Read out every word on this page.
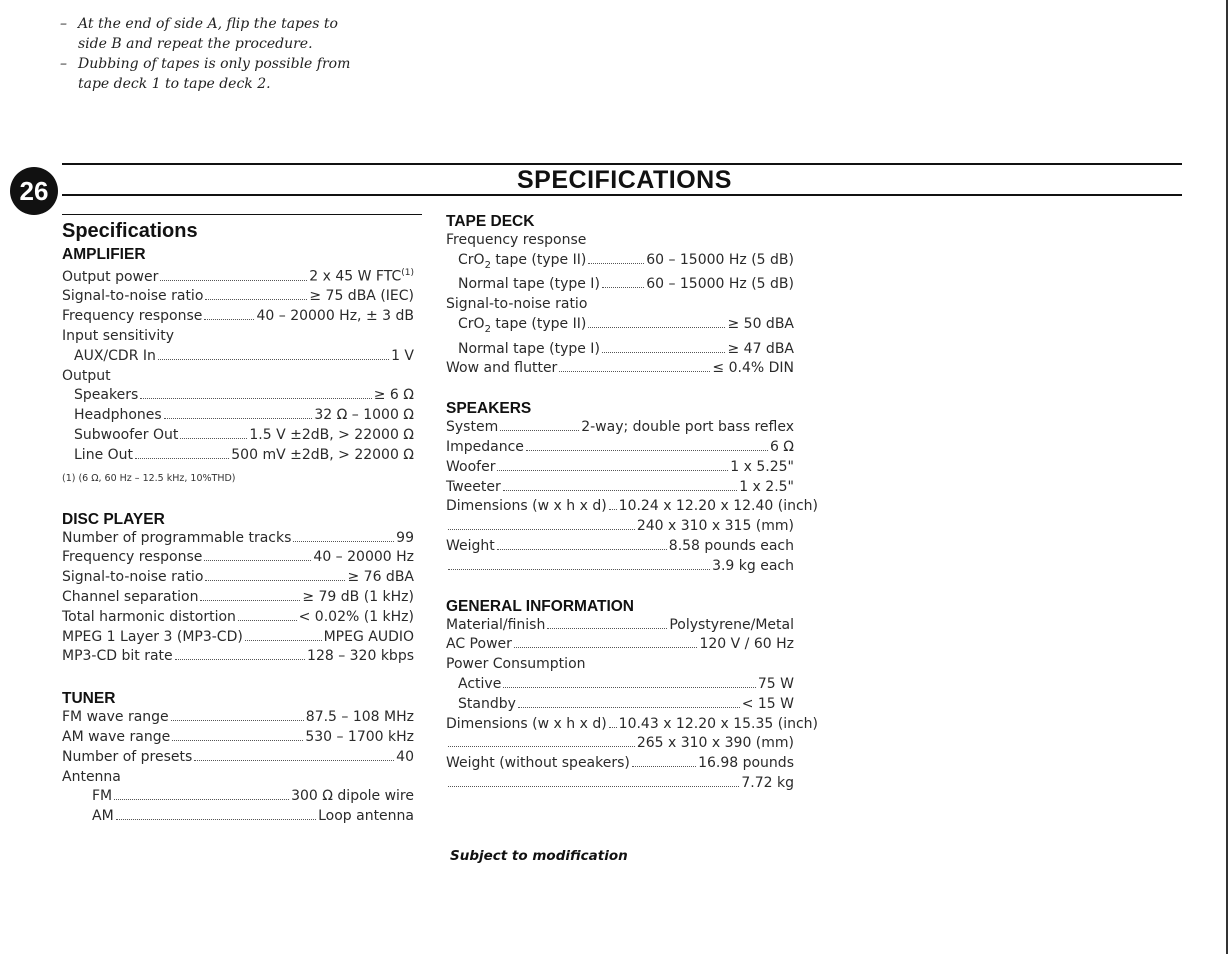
– At the end of side A, flip the tapes to
side B and repeat the procedure.
– Dubbing of tapes is only possible from
tape deck 1 to tape deck 2.
26	SPECIFICATIONS
Specifications
AMPLIFIER
Output power	2 x 45 W FTC$^{(1)}$
Signal-to-noise ratio	≥ 75 dBA (IEC)
Frequency response	40 – 20000 Hz, ± 3 dB
Input sensitivity
AUX/CDR In	1 V
Output
Speakers	≥ 6 Ω
Headphones	32 Ω – 1000 Ω
Subwoofer Out	1.5 V ±2dB, > 22000 Ω
Line Out	500 mV ±2dB, > 22000 Ω
(1) (6 Ω, 60 Hz – 12.5 kHz, 10%THD)
DISC PLAYER
Number of programmable tracks	99
Frequency response	40 – 20000 Hz
Signal-to-noise ratio	≥ 76 dBA
Channel separation	≥ 79 dB (1 kHz)
Total harmonic distortion	< 0.02% (1 kHz)
MPEG 1 Layer 3 (MP3-CD)	MPEG AUDIO
MP3-CD bit rate	128 – 320 kbps
TUNER
FM wave range	87.5 – 108 MHz
AM wave range	530 – 1700 kHz
Number of presets	40
Antenna
FM	300 Ω dipole wire
AM	Loop antenna
TAPE DECK
Frequency response
CrO$_2$ tape (type II)	60 – 15000 Hz (5 dB)
Normal tape (type I)	60 – 15000 Hz (5 dB)
Signal-to-noise ratio
CrO$_2$ tape (type II)	≥ 50 dBA
Normal tape (type I)	≥ 47 dBA
Wow and flutter	≤ 0.4% DIN
SPEAKERS
System	2-way; double port bass reflex
Impedance	6 Ω
Woofer	1 x 5.25"
Tweeter	1 x 2.5"
Dimensions (w x h x d) 10.24 x 12.20 x 12.40 (inch)
240 x 310 x 315 (mm)
Weight	8.58 pounds each
3.9 kg each
GENERAL INFORMATION
Material/finish	Polystyrene/Metal
AC Power	120 V / 60 Hz
Power Consumption
Active	75 W
Standby	< 15 W
Dimensions (w x h x d) 10.43 x 12.20 x 15.35 (inch)
265 x 310 x 390 (mm)
Weight (without speakers)	16.98 pounds
7.72 kg
Subject to modification
